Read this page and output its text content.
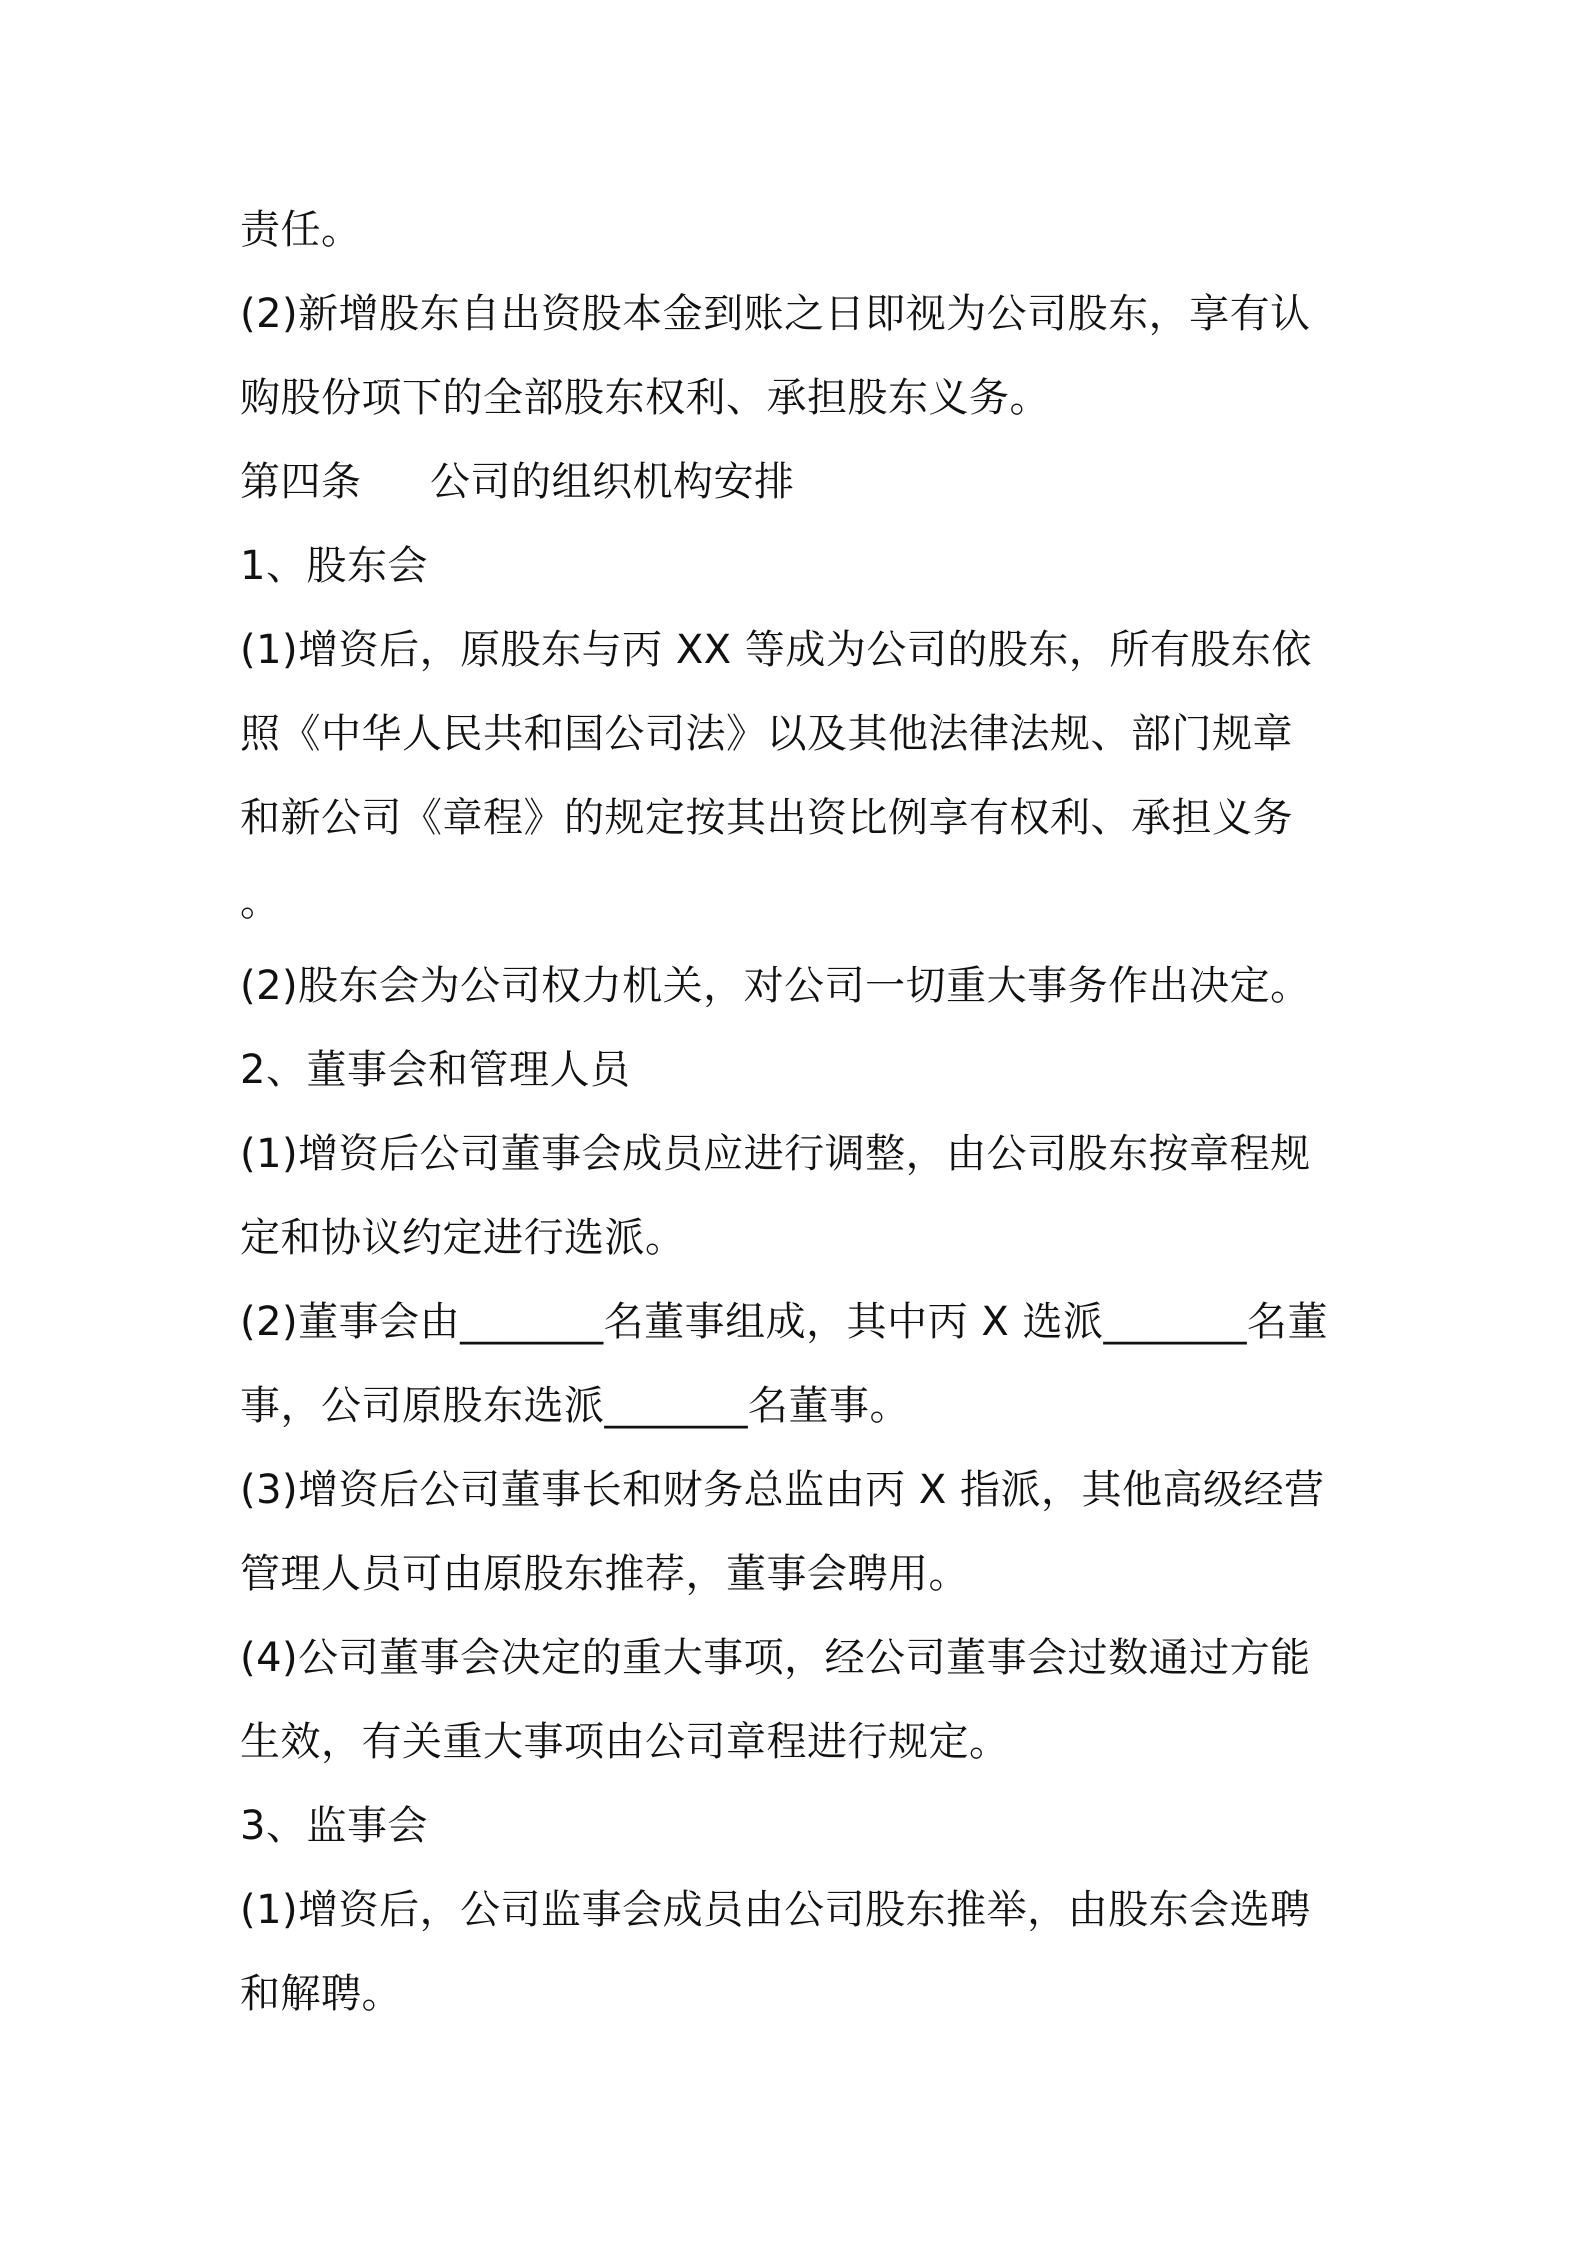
责任。
(2)新增股东自出资股本金到账之日即视为公司股东，享有认
购股份项下的全部股东权利、承担股东义务。
第四条 公司的组织机构安排
1、股东会
(1)增资后，原股东与丙 XX 等成为公司的股东，所有股东依
照《中华人民共和国公司法》以及其他法律法规、部门规章
和新公司《章程》的规定按其出资比例享有权利、承担义务
。
(2)股东会为公司权力机关，对公司一切重大事务作出决定。
2、董事会和管理人员
(1)增资后公司董事会成员应进行调整，由公司股东按章程规
定和协议约定进行选派。
(2)董事会由_______名董事组成，其中丙 X 选派_______名董
事，公司原股东选派_______名董事。
(3)增资后公司董事长和财务总监由丙 X 指派，其他高级经营
管理人员可由原股东推荐，董事会聘用。
(4)公司董事会决定的重大事项，经公司董事会过数通过方能
生效，有关重大事项由公司章程进行规定。
3、监事会
(1)增资后，公司监事会成员由公司股东推举，由股东会选聘
和解聘。
